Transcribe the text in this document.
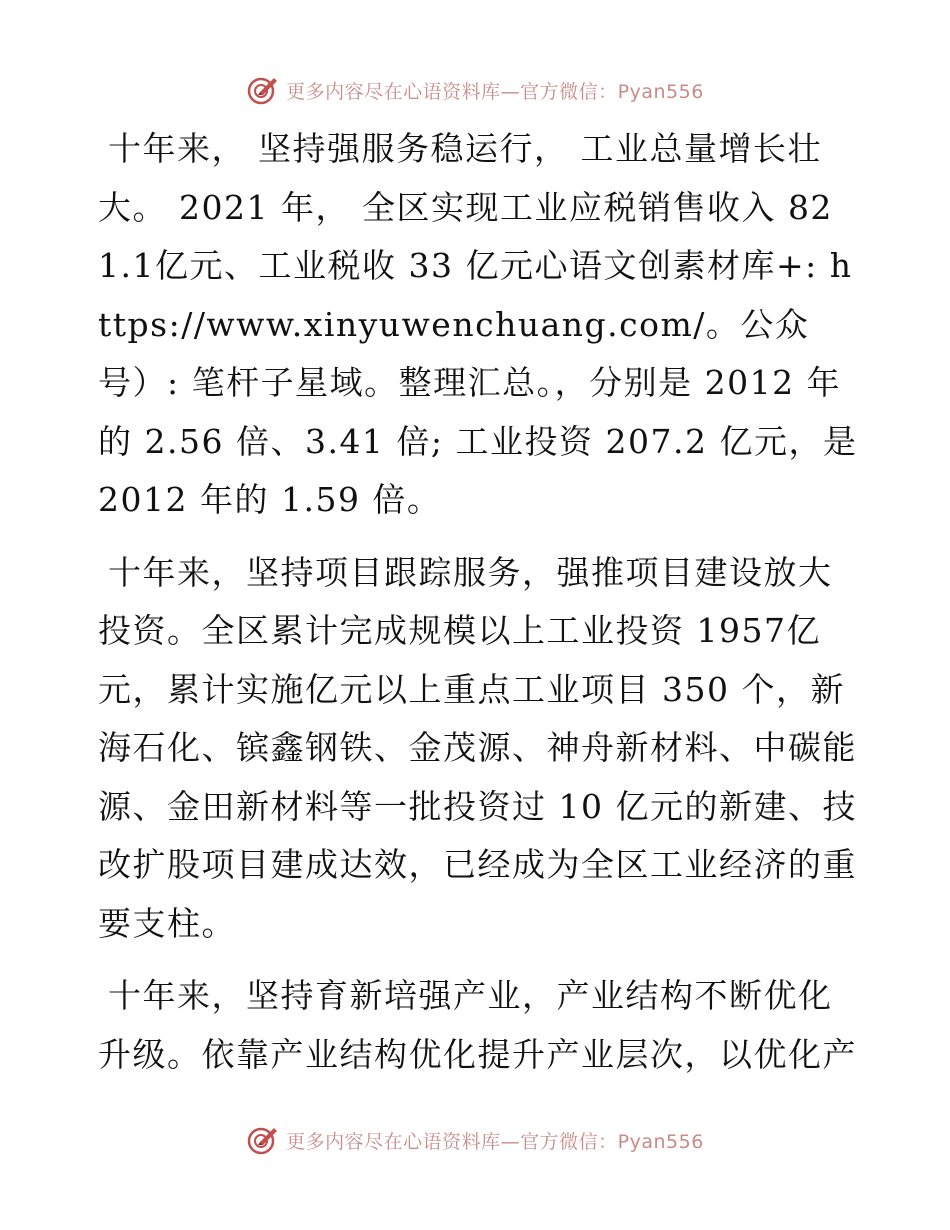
更多内容尽在心语资料库—官方微信：Pyan556

十年来， 坚持强服务稳运行， 工业总量增长壮大。 2021 年， 全区实现工业应税销售收入 821.1亿元、工业税收 33 亿元心语文创素材库+: https://www.xinyuwenchuang.com/。公众号）: 笔杆子星域。整理汇总。，分别是 2012 年的 2.56 倍、3.41 倍; 工业投资 207.2 亿元，是 2012 年的 1.59 倍。

十年来，坚持项目跟踪服务，强推项目建设放大投资。全区累计完成规模以上工业投资 1957亿元，累计实施亿元以上重点工业项目 350 个，新海石化、镔鑫钢铁、金茂源、神舟新材料、中碳能源、金田新材料等一批投资过 10 亿元的新建、技改扩股项目建成达效，已经成为全区工业经济的重要支柱。

十年来，坚持育新培强产业，产业结构不断优化升级。依靠产业结构优化提升产业层次，以优化产

更多内容尽在心语资料库—官方微信：Pyan556
